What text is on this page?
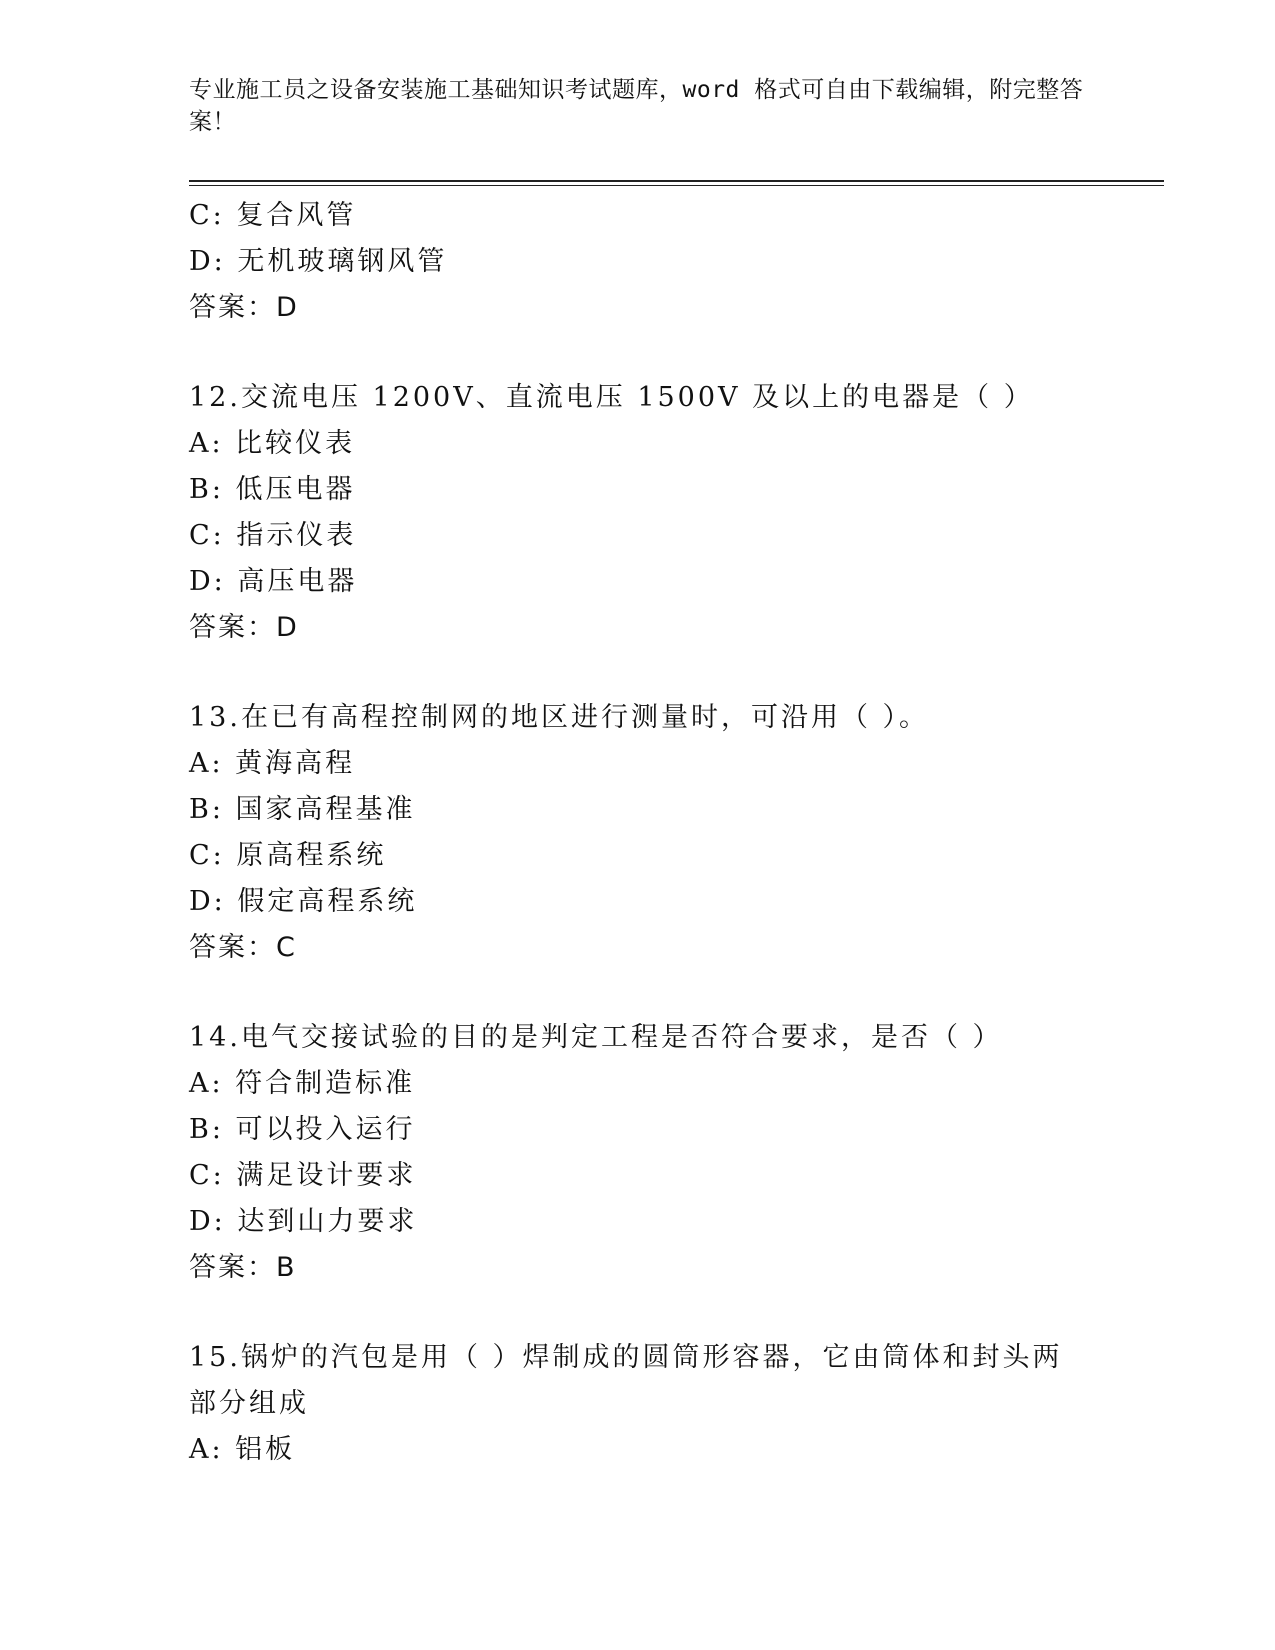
专业施工员之设备安装施工基础知识考试题库，word 格式可自由下载编辑，附完整答案！
C: 复合风管
D: 无机玻璃钢风管
答案：D
12.交流电压 1200V、直流电压 1500V 及以上的电器是（ ）
A: 比较仪表
B: 低压电器
C: 指示仪表
D: 高压电器
答案：D
13.在已有高程控制网的地区进行测量时，可沿用（ ）。
A: 黄海高程
B: 国家高程基准
C: 原高程系统
D: 假定高程系统
答案：C
14.电气交接试验的目的是判定工程是否符合要求，是否（ ）
A: 符合制造标准
B: 可以投入运行
C: 满足设计要求
D: 达到山力要求
答案：B
15.锅炉的汽包是用（ ）焊制成的圆筒形容器，它由筒体和封头两部分组成
A: 铝板
